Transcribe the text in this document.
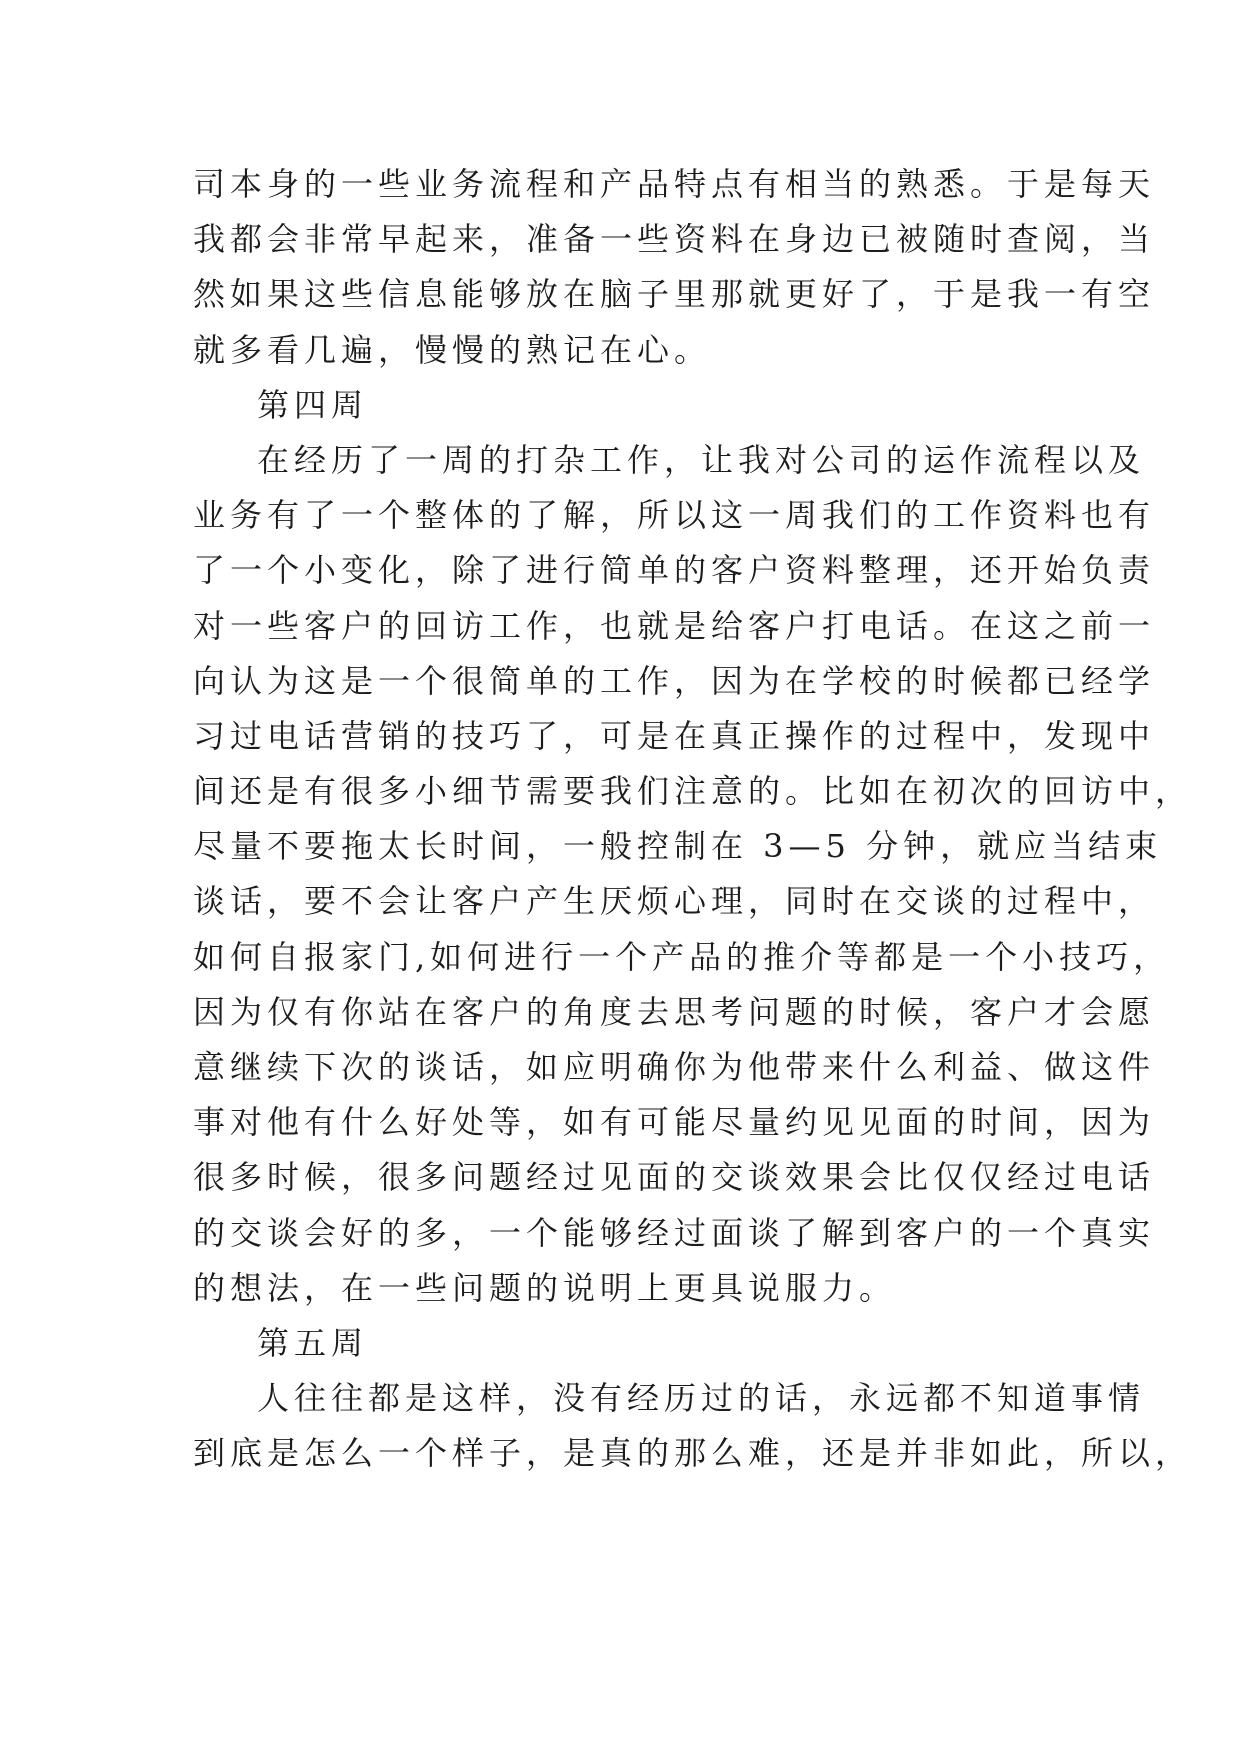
司本身的一些业务流程和产品特点有相当的熟悉。于是每天
我都会非常早起来，准备一些资料在身边已被随时查阅，当
然如果这些信息能够放在脑子里那就更好了，于是我一有空
就多看几遍，慢慢的熟记在心。
第四周
在经历了一周的打杂工作，让我对公司的运作流程以及
业务有了一个整体的了解，所以这一周我们的工作资料也有
了一个小变化，除了进行简单的客户资料整理，还开始负责
对一些客户的回访工作，也就是给客户打电话。在这之前一
向认为这是一个很简单的工作，因为在学校的时候都已经学
习过电话营销的技巧了，可是在真正操作的过程中，发现中
间还是有很多小细节需要我们注意的。比如在初次的回访中，
尽量不要拖太长时间，一般控制在 3—5 分钟，就应当结束
谈话，要不会让客户产生厌烦心理，同时在交谈的过程中，
如何自报家门,如何进行一个产品的推介等都是一个小技巧，
因为仅有你站在客户的角度去思考问题的时候，客户才会愿
意继续下次的谈话，如应明确你为他带来什么利益、做这件
事对他有什么好处等，如有可能尽量约见见面的时间，因为
很多时候，很多问题经过见面的交谈效果会比仅仅经过电话
的交谈会好的多，一个能够经过面谈了解到客户的一个真实
的想法，在一些问题的说明上更具说服力。
第五周
人往往都是这样，没有经历过的话，永远都不知道事情
到底是怎么一个样子，是真的那么难，还是并非如此，所以，
